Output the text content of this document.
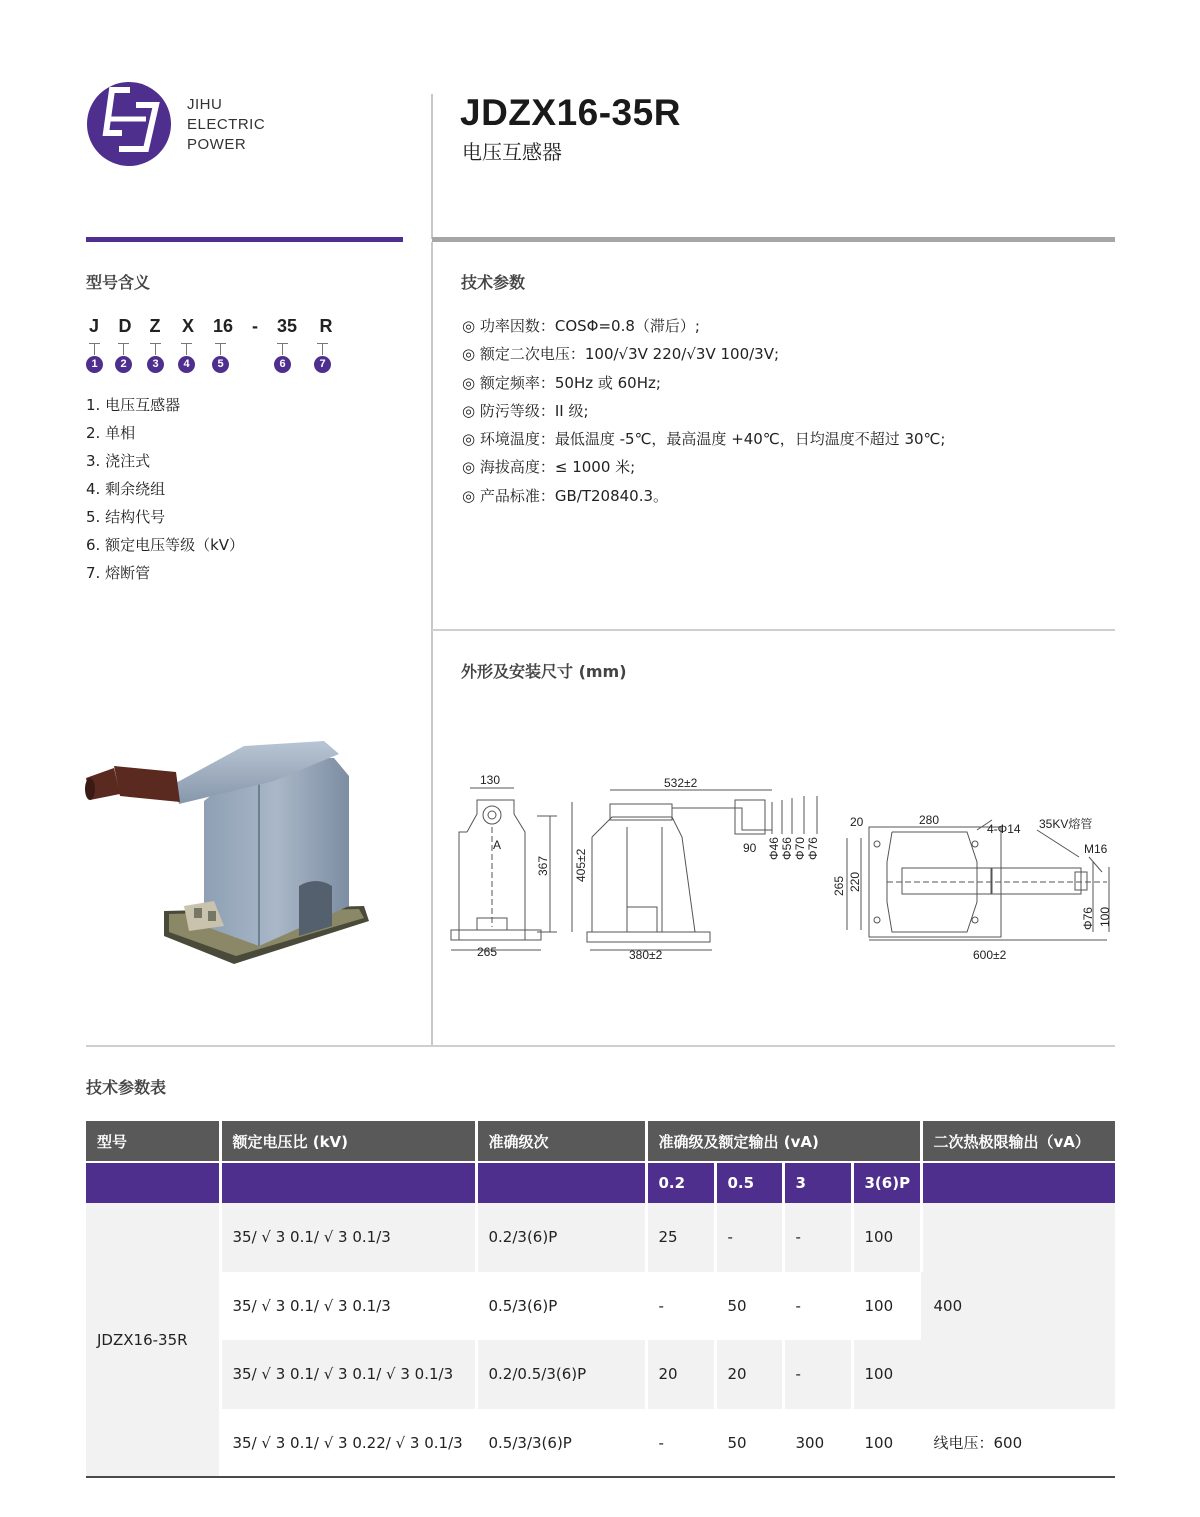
JIHU
ELECTRIC
POWER
JDZX16-35R
电压互感器
型号含义
J	D	Z	X	16	-	35	R
1	2	3	4	5	6	7
1. 电压互感器
2. 单相
3. 浇注式
4. 剩余绕组
5. 结构代号
6. 额定电压等级（kV）
7. 熔断管
技术参数
◎ 功率因数：COSΦ=0.8（滞后）;
◎ 额定二次电压：100/√3V 220/√3V 100/3V;
◎ 额定频率：50Hz 或 60Hz;
◎ 防污等级：II 级;
◎ 环境温度：最低温度 -5℃，最高温度 +40℃，日均温度不超过 30℃;
◎ 海拔高度：≤ 1000 米;
◎ 产品标准：GB/T20840.3。
外形及安装尺寸 (mm)
130
A
367
265
532±2
405±2
90 Φ46 Φ56 Φ70 Φ76
380±2
20	280
4-Φ14 35KV熔管
M16
265 220
Φ76 100
600±2
技术参数表
型号	额定电压比 (kV)	准确级次	准确级及额定输出 (vA)				二次热极限输出（vA）
			0.2	0.5	3	3(6)P	
JDZX16-35R	35/ √ 3 0.1/ √ 3 0.1/3	0.2/3(6)P	25	-	-	100	400
	35/ √ 3 0.1/ √ 3 0.1/3	0.5/3(6)P	-	50	-	100	
	35/ √ 3 0.1/ √ 3 0.1/ √ 3 0.1/3	0.2/0.5/3(6)P	20	20	-	100	
	35/ √ 3 0.1/ √ 3 0.22/ √ 3 0.1/3	0.5/3/3(6)P	-	50	300	100	线电压：600
